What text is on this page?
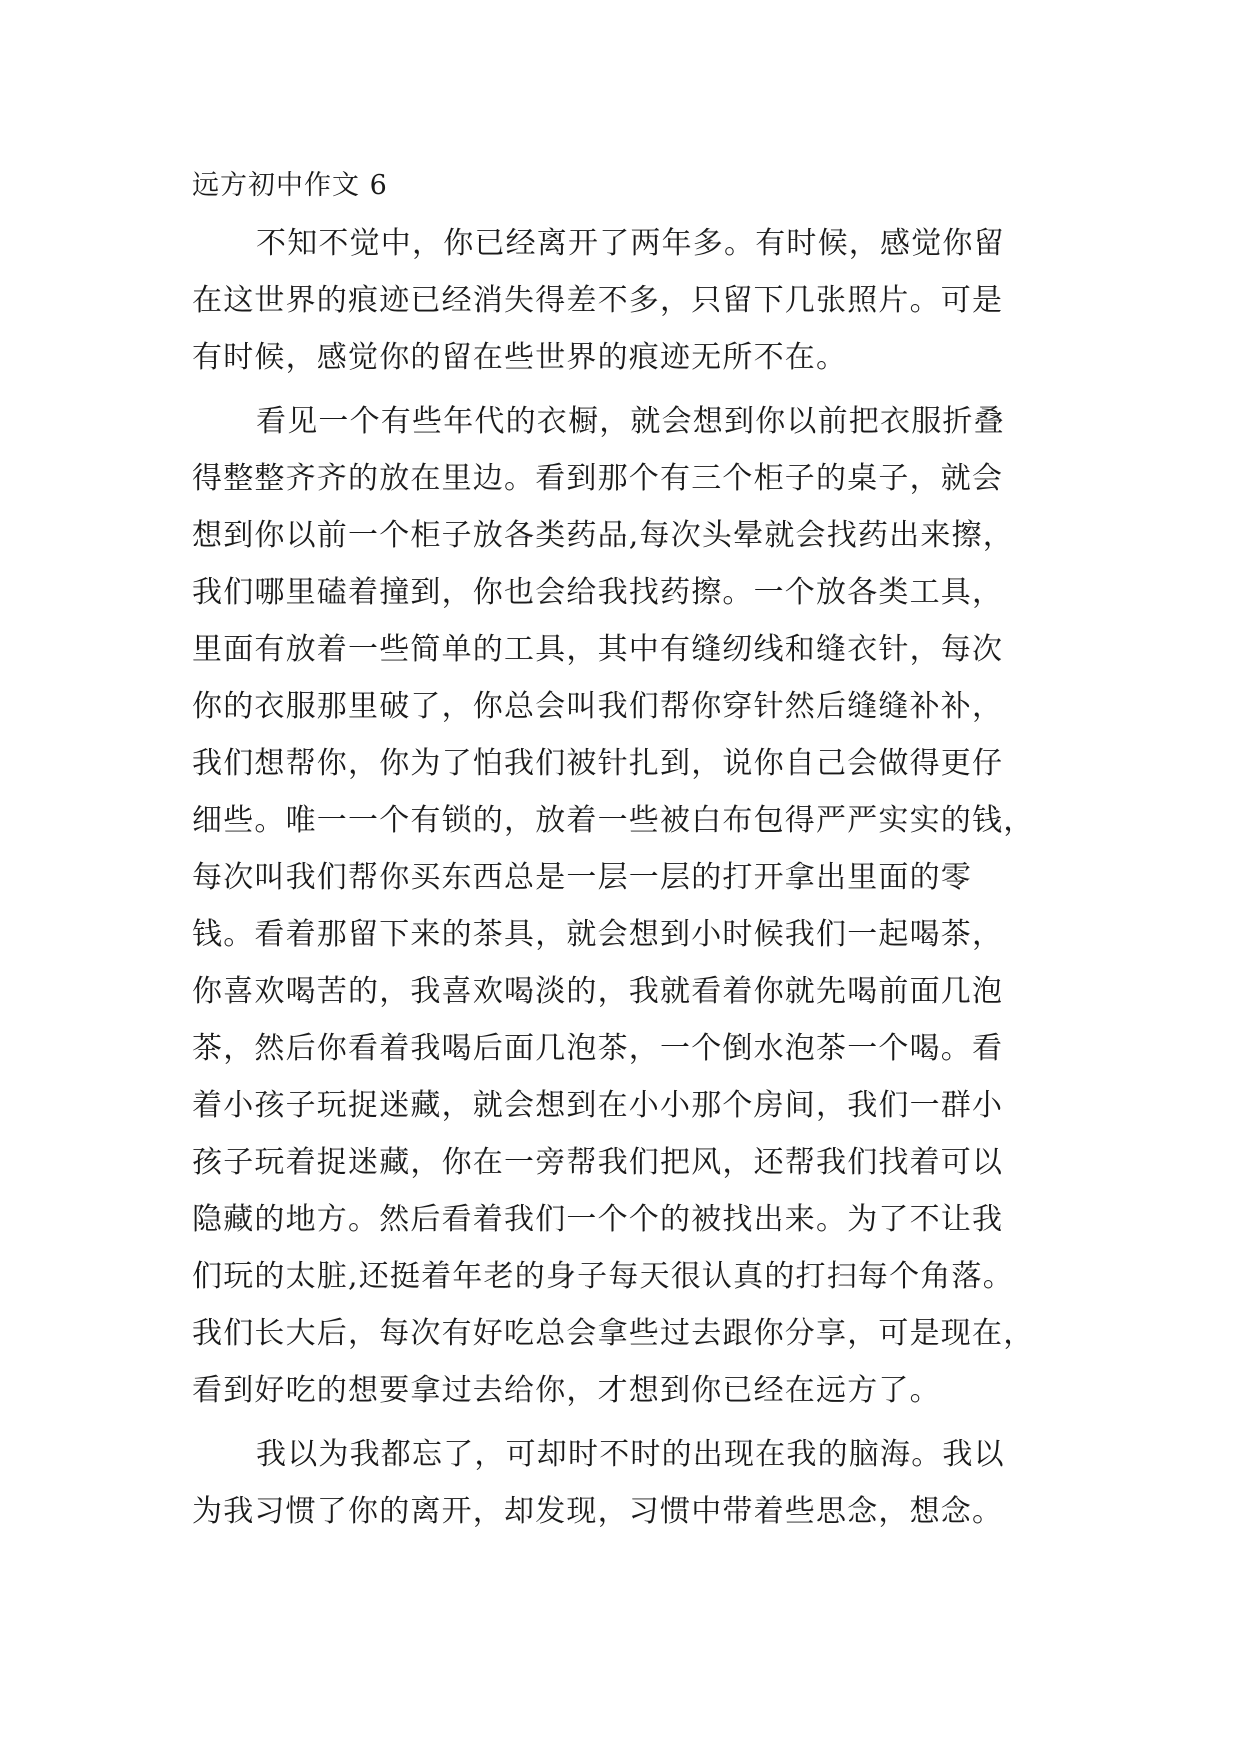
远方初中作文 6
不知不觉中，你已经离开了两年多。有时候，感觉你留
在这世界的痕迹已经消失得差不多，只留下几张照片。可是
有时候，感觉你的留在些世界的痕迹无所不在。
看见一个有些年代的衣橱，就会想到你以前把衣服折叠
得整整齐齐的放在里边。看到那个有三个柜子的桌子，就会
想到你以前一个柜子放各类药品,每次头晕就会找药出来擦，
我们哪里磕着撞到，你也会给我找药擦。一个放各类工具，
里面有放着一些简单的工具，其中有缝纫线和缝衣针，每次
你的衣服那里破了，你总会叫我们帮你穿针然后缝缝补补，
我们想帮你，你为了怕我们被针扎到，说你自己会做得更仔
细些。唯一一个有锁的，放着一些被白布包得严严实实的钱，
每次叫我们帮你买东西总是一层一层的打开拿出里面的零
钱。看着那留下来的茶具，就会想到小时候我们一起喝茶，
你喜欢喝苦的，我喜欢喝淡的，我就看着你就先喝前面几泡
茶，然后你看着我喝后面几泡茶，一个倒水泡茶一个喝。看
着小孩子玩捉迷藏，就会想到在小小那个房间，我们一群小
孩子玩着捉迷藏，你在一旁帮我们把风，还帮我们找着可以
隐藏的地方。然后看着我们一个个的被找出来。为了不让我
们玩的太脏,还挺着年老的身子每天很认真的打扫每个角落。
我们长大后，每次有好吃总会拿些过去跟你分享，可是现在，
看到好吃的想要拿过去给你，才想到你已经在远方了。
我以为我都忘了，可却时不时的出现在我的脑海。我以
为我习惯了你的离开，却发现，习惯中带着些思念，想念。
